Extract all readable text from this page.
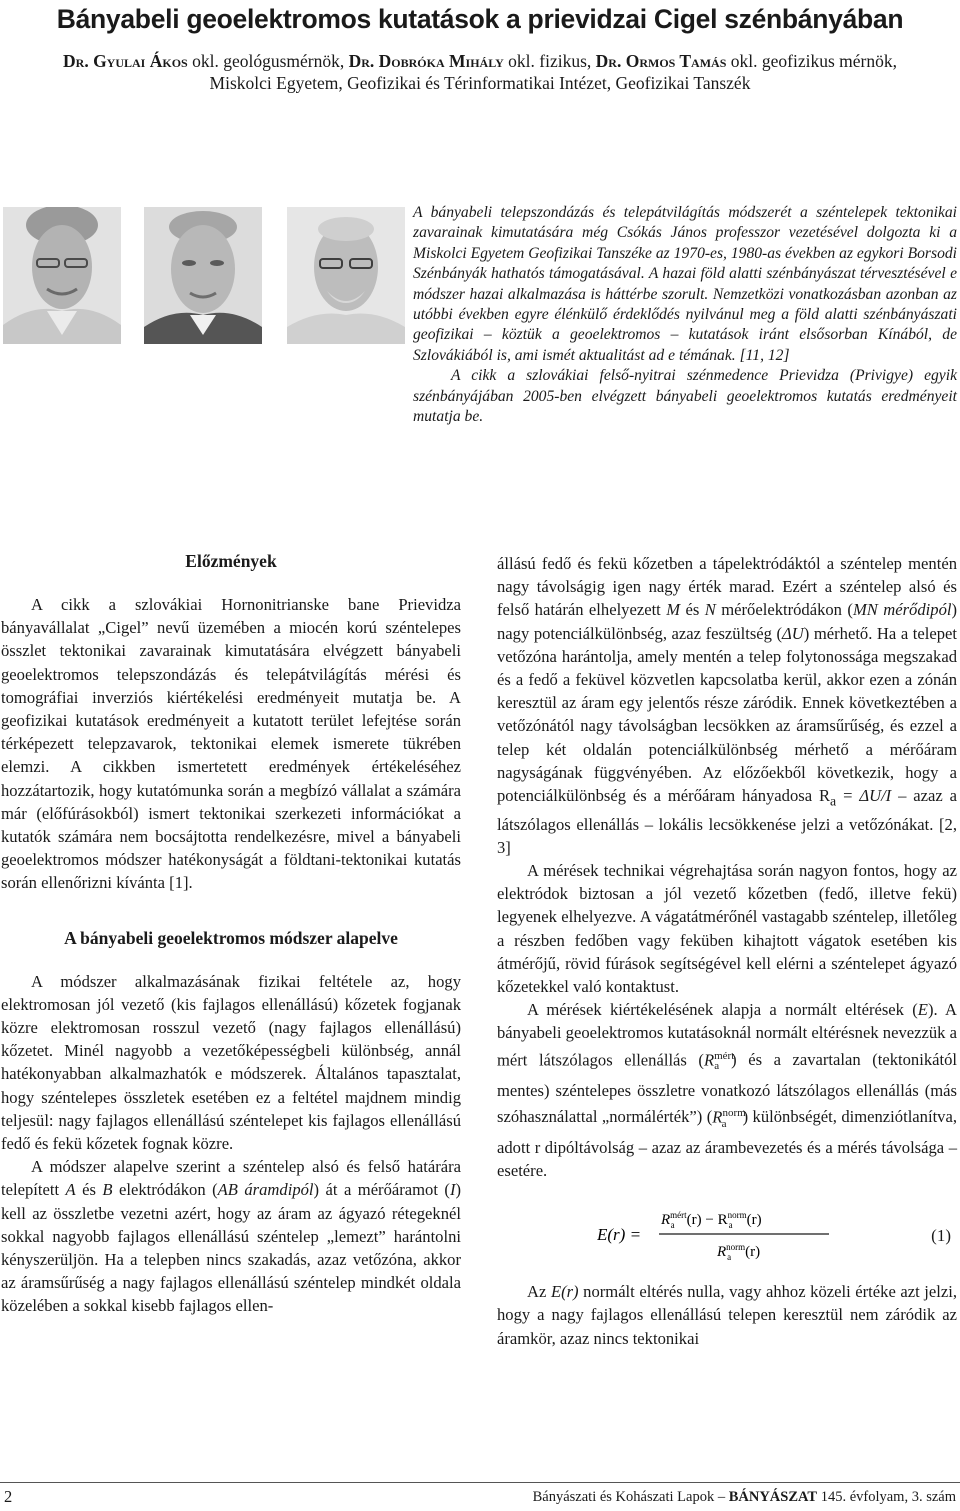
Bányabeli geoelektromos kutatások a prievidzai Cigel szénbányában
Dr. Gyulai Ákos okl. geológusmérnök, Dr. Dobróka Mihály okl. fizikus, Dr. Ormos Tamás okl. geofizikus mérnök,
Miskolci Egyetem, Geofizikai és Térinformatikai Intézet, Geofizikai Tanszék

A bányabeli telepszondázás és telepátvilágítás módszerét a széntelepek tektonikai zavarainak kimutatására még Csókás János professzor vezetésével dolgozta ki a Miskolci Egyetem Geofizikai Tanszéke az 1970-es, 1980-as években az egykori Borsodi Szénbányák hathatós támogatásával. A hazai föld alatti szénbányászat térvesztésével e módszer hazai alkalmazása is háttérbe szorult. Nemzetközi vonatkozásban azonban az utóbbi években egyre élénkülő érdeklődés nyilvánul meg a föld alatti szénbányászati geofizikai – köztük a geoelektromos – kutatások iránt elsősorban Kínából, de Szlovákiából is, ami ismét aktualitást ad e témának. [11, 12]

A cikk a szlovákiai felső-nyitrai szénmedence Prievidza (Privigye) egyik szénbányájában 2005-ben elvégzett bányabeli geoelektromos kutatás eredményeit mutatja be.

Előzmények

A cikk a szlovákiai Hornonitrianske bane Prievidza bányavállalat „Cigel” nevű üzemében a miocén korú széntelepes összlet tektonikai zavarainak kimutatására elvégzett bányabeli geoelektromos telepszondázás és telepátvilágítás mérési és tomográfiai inverziós kiértékelési eredményeit mutatja be. A geofizikai kutatások eredményeit a kutatott terület lefejtése során térképezett telepzavarok, tektonikai elemek ismerete tükrében elemzi. A cikkben ismertetett eredmények értékeléséhez hozzátartozik, hogy kutatómunka során a megbízó vállalat a számára már (előfúrásokból) ismert tektonikai szerkezeti információkat a kutatók számára nem bocsájtotta rendelkezésre, mivel a bányabeli geoelektromos módszer hatékonyságát a földtani-tektonikai kutatás során ellenőrizni kívánta [1].

A bányabeli geoelektromos módszer alapelve

A módszer alkalmazásának fizikai feltétele az, hogy elektromosan jól vezető (kis fajlagos ellenállású) kőzetek fogjanak közre elektromosan rosszul vezető (nagy fajlagos ellenállású) kőzetet. Minél nagyobb a vezetőképességbeli különbség, annál hatékonyabban alkalmazhatók e módszerek. Általános tapasztalat, hogy széntelepes összletek esetében ez a feltétel majdnem mindig teljesül: nagy fajlagos ellenállású széntelepet kis fajlagos ellenállású fedő és fekü kőzetek fognak közre.

A módszer alapelve szerint a széntelep alsó és felső határára telepített A és B elektródákon (AB áramdipól) át a mérőáramot (I) kell az összletbe vezetni azért, hogy az áram az ágyazó rétegeknél sokkal nagyobb fajlagos ellenállású széntelep „lemezt” harántolni kényszerüljön. Ha a telepben nincs szakadás, azaz vetőzóna, akkor az áramsűrűség a nagy fajlagos ellenállású széntelep mindkét oldala közelében a sokkal kisebb fajlagos ellen-

állású fedő és fekü kőzetben a tápelektródáktól a széntelep mentén nagy távolságig igen nagy érték marad. Ezért a széntelep alsó és felső határán elhelyezett M és N mérőelektródákon (MN mérődipól) nagy potenciálkülönbség, azaz feszültség (ΔU) mérhető. Ha a telepet vetőzóna harántolja, amely mentén a telep folytonossága megszakad és a fedő a feküvel közvetlen kapcsolatba kerül, akkor ezen a zónán keresztül az áram egy jelentős része záródik. Ennek következtében a vetőzónától nagy távolságban lecsökken az áramsűrűség, és ezzel a telep két oldalán potenciálkülönbség mérhető a mérőáram nagyságának függvényében. Az előzőekből következik, hogy a potenciálkülönbség és a mérőáram hányadosa $R_a = \Delta U/I$ – azaz a látszólagos ellenállás – lokális lecsökkenése jelzi a vetőzónákat. [2, 3]

A mérések technikai végrehajtása során nagyon fontos, hogy az elektródok biztosan a jól vezető kőzetben (fedő, illetve fekü) legyenek elhelyezve. A vágatátmérőnél vastagabb széntelep, illetőleg a részben fedőben vagy feküben kihajtott vágatok esetében kis átmérőjű, rövid fúrások segítségével kell elérni a széntelepet ágyazó kőzetekkel való kontaktust.

A mérések kiértékelésének alapja a normált eltérések (E). A bányabeli geoelektromos kutatásoknál normált eltérésnek nevezzük a mért látszólagos ellenállás ($R^{mért}_a$ ) és a zavartalan (tektonikától mentes) széntelepes összletre vonatkozó látszólagos ellenállás (más szóhasználattal „normálérték”) ($R^{norm}_a$ ) különbségét, dimenziótlanítva, adott r dipóltávolság – azaz az árambevezetés és a mérés távolsága – esetére.

E(r) =
$R^{mért}$ a $(r) - R^{norm}$ a (r)
$R^{norm}$ a (r)
(1)

Az E(r) normált eltérés nulla, vagy ahhoz közeli értéke azt jelzi, hogy a nagy fajlagos ellenállású telepen keresztül nem záródik az áramkör, azaz nincs tektonikai

2	Bányászati és Kohászati Lapok – BÁNYÁSZAT 145. évfolyam, 3. szám
